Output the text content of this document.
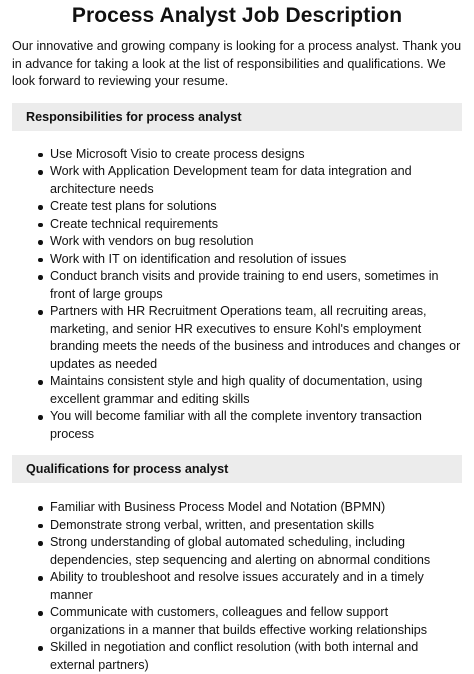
Process Analyst Job Description

Our innovative and growing company is looking for a process analyst. Thank you in advance for taking a look at the list of responsibilities and qualifications. We look forward to reviewing your resume.

Responsibilities for process analyst
Use Microsoft Visio to create process designs
Work with Application Development team for data integration and architecture needs
Create test plans for solutions
Create technical requirements
Work with vendors on bug resolution
Work with IT on identification and resolution of issues
Conduct branch visits and provide training to end users, sometimes in front of large groups
Partners with HR Recruitment Operations team, all recruiting areas, marketing, and senior HR executives to ensure Kohl's employment branding meets the needs of the business and introduces and changes or updates as needed
Maintains consistent style and high quality of documentation, using excellent grammar and editing skills
You will become familiar with all the complete inventory transaction process
Qualifications for process analyst
Familiar with Business Process Model and Notation (BPMN)
Demonstrate strong verbal, written, and presentation skills
Strong understanding of global automated scheduling, including dependencies, step sequencing and alerting on abnormal conditions
Ability to troubleshoot and resolve issues accurately and in a timely manner
Communicate with customers, colleagues and fellow support organizations in a manner that builds effective working relationships
Skilled in negotiation and conflict resolution (with both internal and external partners)
